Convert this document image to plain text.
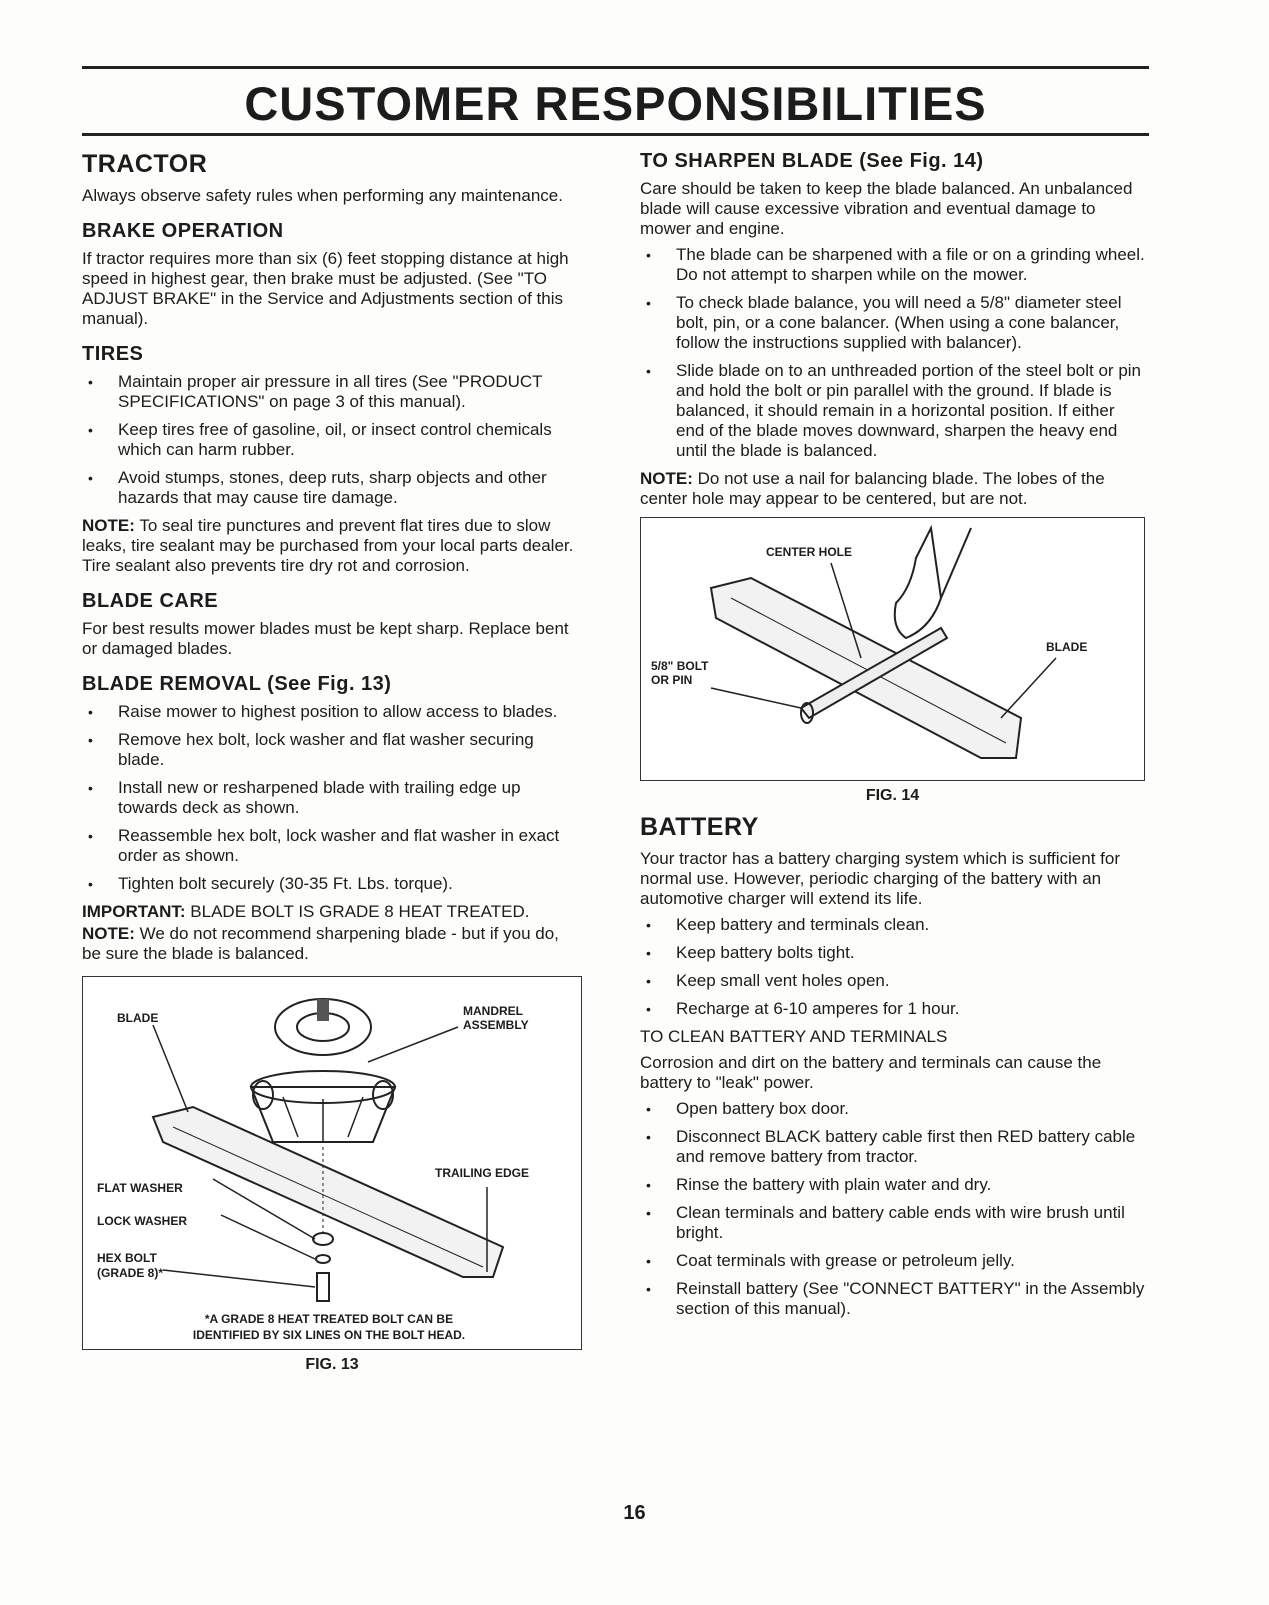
CUSTOMER RESPONSIBILITIES
TRACTOR

Always observe safety rules when performing any maintenance.

BRAKE OPERATION

If tractor requires more than six (6) feet stopping distance at high speed in highest gear, then brake must be adjusted. (See "TO ADJUST BRAKE" in the Service and Adjustments section of this manual).

TIRES
• Maintain proper air pressure in all tires (See "PRODUCT SPECIFICATIONS" on page 3 of this manual).
• Keep tires free of gasoline, oil, or insect control chemicals which can harm rubber.
• Avoid stumps, stones, deep ruts, sharp objects and other hazards that may cause tire damage.

NOTE: To seal tire punctures and prevent flat tires due to slow leaks, tire sealant may be purchased from your local parts dealer. Tire sealant also prevents tire dry rot and corrosion.

BLADE CARE

For best results mower blades must be kept sharp. Replace bent or damaged blades.

BLADE REMOVAL (See Fig. 13)
• Raise mower to highest position to allow access to blades.
• Remove hex bolt, lock washer and flat washer securing blade.
• Install new or resharpened blade with trailing edge up towards deck as shown.
• Reassemble hex bolt, lock washer and flat washer in exact order as shown.
• Tighten bolt securely (30-35 Ft. Lbs. torque).

IMPORTANT: BLADE BOLT IS GRADE 8 HEAT TREATED.

NOTE: We do not recommend sharpening blade - but if you do, be sure the blade is balanced.

BLADE	MANDREL
ASSEMBLY
TRAILING EDGE
FLAT WASHER
LOCK WASHER
HEX BOLT
(GRADE 8)*
*A GRADE 8 HEAT TREATED BOLT CAN BE
IDENTIFIED BY SIX LINES ON THE BOLT HEAD.
FIG. 13
TO SHARPEN BLADE (See Fig. 14)

Care should be taken to keep the blade balanced. An unbalanced blade will cause excessive vibration and eventual damage to mower and engine.

• The blade can be sharpened with a file or on a grinding wheel. Do not attempt to sharpen while on the mower.
• To check blade balance, you will need a 5/8" diameter steel bolt, pin, or a cone balancer. (When using a cone balancer, follow the instructions supplied with balancer).
• Slide blade on to an unthreaded portion of the steel bolt or pin and hold the bolt or pin parallel with the ground. If blade is balanced, it should remain in a horizontal position. If either end of the blade moves downward, sharpen the heavy end until the blade is balanced.

NOTE: Do not use a nail for balancing blade. The lobes of the center hole may appear to be centered, but are not.

CENTER HOLE
5/8" BOLT
OR PIN
BLADE
FIG. 14
BATTERY

Your tractor has a battery charging system which is sufficient for normal use. However, periodic charging of the battery with an automotive charger will extend its life.

• Keep battery and terminals clean.
• Keep battery bolts tight.
• Keep small vent holes open.
• Recharge at 6-10 amperes for 1 hour.

TO CLEAN BATTERY AND TERMINALS

Corrosion and dirt on the battery and terminals can cause the battery to "leak" power.

• Open battery box door.
• Disconnect BLACK battery cable first then RED battery cable and remove battery from tractor.
• Rinse the battery with plain water and dry.
• Clean terminals and battery cable ends with wire brush until bright.
• Coat terminals with grease or petroleum jelly.
• Reinstall battery (See "CONNECT BATTERY" in the Assembly section of this manual).
16
